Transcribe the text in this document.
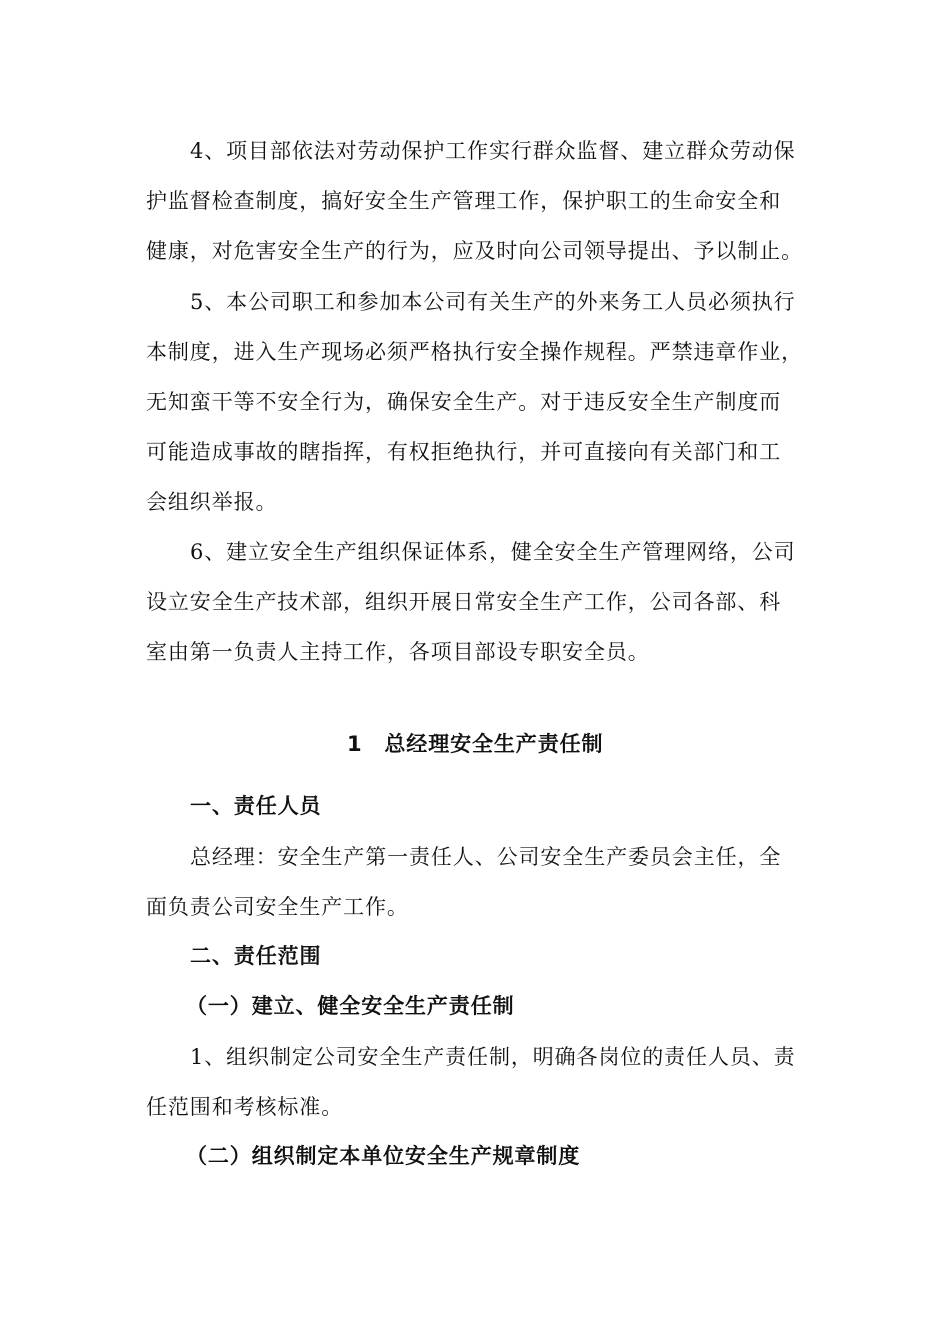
4、项目部依法对劳动保护工作实行群众监督、建立群众劳动保
护监督检查制度，搞好安全生产管理工作，保护职工的生命安全和
健康，对危害安全生产的行为，应及时向公司领导提出、予以制止。
5、本公司职工和参加本公司有关生产的外来务工人员必须执行
本制度，进入生产现场必须严格执行安全操作规程。严禁违章作业，
无知蛮干等不安全行为，确保安全生产。对于违反安全生产制度而
可能造成事故的瞎指挥，有权拒绝执行，并可直接向有关部门和工
会组织举报。
6、建立安全生产组织保证体系，健全安全生产管理网络，公司
设立安全生产技术部，组织开展日常安全生产工作，公司各部、科
室由第一负责人主持工作，各项目部设专职安全员。
1　总经理安全生产责任制
一、责任人员
总经理：安全生产第一责任人、公司安全生产委员会主任，全
面负责公司安全生产工作。
二、责任范围
（一）建立、健全安全生产责任制
1、组织制定公司安全生产责任制，明确各岗位的责任人员、责
任范围和考核标准。
（二）组织制定本单位安全生产规章制度
